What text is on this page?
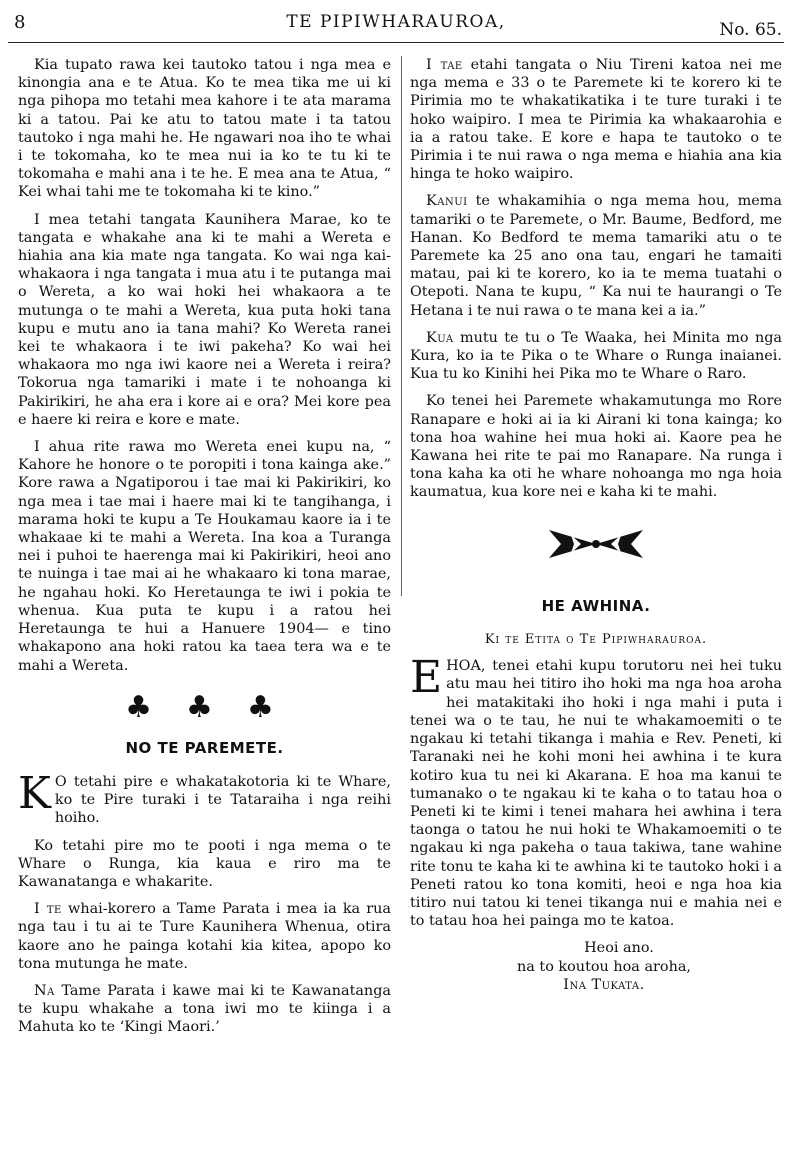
8	TE PIPIWHARAUROA,	No. 65.

Kia tupato rawa kei tautoko tatou i nga mea e kinongia ana e te Atua. Ko te mea tika me ui ki nga pihopa mo tetahi mea kahore i te ata marama ki a tatou. Pai ke atu to tatou mate i ta tatou tautoko i nga mahi he. He ngawari noa iho te whai i te tokomaha, ko te mea nui ia ko te tu ki te tokomaha e mahi ana i te he. E mea ana te Atua, “ Kei whai tahi me te tokomaha ki te kino.”

I mea tetahi tangata Kaunihera Marae, ko te tangata e whakahe ana ki te mahi a Wereta e hiahia ana kia mate nga tangata. Ko wai nga kai-whakaora i nga tangata i mua atu i te putanga mai o Wereta, a ko wai hoki hei whakaora a te mutunga o te mahi a Wereta, kua puta hoki tana kupu e mutu ano ia tana mahi? Ko Wereta ranei kei te whakaora i te iwi pakeha? Ko wai hei whakaora mo nga iwi kaore nei a Wereta i reira? Tokorua nga tamariki i mate i te nohoanga ki Pakirikiri, he aha era i kore ai e ora? Mei kore pea e haere ki reira e kore e mate.

I ahua rite rawa mo Wereta enei kupu na, “ Kahore he honore o te poropiti i tona kainga ake.” Kore rawa a Ngatiporou i tae mai ki Pakirikiri, ko nga mea i tae mai i haere mai ki te tangihanga, i marama hoki te kupu a Te Houkamau kaore ia i te whakaae ki te mahi a Wereta. Ina koa a Turanga nei i puhoi te haerenga mai ki Pakirikiri, heoi ano te nuinga i tae mai ai he whakaaro ki tona marae, he ngahau hoki. Ko Heretaunga te iwi i pokia te whenua. Kua puta te kupu i a ratou hei Heretaunga te hui a Hanuere 1904— e tino whakapono ana hoki ratou ka taea tera wa e te mahi a Wereta.

♣♣♣
NO TE PAREMETE.

K O tetahi pire e whakatakotoria ki te Whare, ko te Pire turaki i te Tataraiha i nga reihi hoiho.

Ko tetahi pire mo te pooti i nga mema o te Whare o Runga, kia kaua e riro ma te Kawanatanga e whakarite.

I te whai-korero a Tame Parata i mea ia ka rua nga tau i tu ai te Ture Kaunihera Whenua, otira kaore ano he painga kotahi kia kitea, apopo ko tona mutunga he mate.

Na Tame Parata i kawe mai ki te Kawanatanga te kupu whakahe a tona iwi mo te kiinga i a Mahuta ko te ‘Kingi Maori.’

I tae etahi tangata o Niu Tireni katoa nei me nga mema e 33 o te Paremete ki te korero ki te Pirimia mo te whakatikatika i te ture turaki i te hoko waipiro. I mea te Pirimia ka whakaarohia e ia a ratou take. E kore e hapa te tautoko o te Pirimia i te nui rawa o nga mema e hiahia ana kia hinga te hoko waipiro.

Kanui te whakamihia o nga mema hou, mema tamariki o te Paremete, o Mr. Baume, Bedford, me Hanan. Ko Bedford te mema tamariki atu o te Paremete ka 25 ano ona tau, engari he tamaiti matau, pai ki te korero, ko ia te mema tuatahi o Otepoti. Nana te kupu, “ Ka nui te haurangi o Te Hetana i te nui rawa o te mana kei a ia.”

Kua mutu te tu o Te Waaka, hei Minita mo nga Kura, ko ia te Pika o te Whare o Runga inaianei. Kua tu ko Kinihi hei Pika mo te Whare o Raro.

Ko tenei hei Paremete whakamutunga mo Rore Ranapare e hoki ai ia ki Airani ki tona kainga; ko tona hoa wahine hei mua hoki ai. Kaore pea he Kawana hei rite te pai mo Ranapare. Na runga i tona kaha ka oti he whare nohoanga mo nga hoia kaumatua, kua kore nei e kaha ki te mahi.

HE AWHINA.
Ki te Etita o Te Pipiwharauroa.

EHOA, tenei etahi kupu torutoru nei hei tuku atu mau hei titiro iho hoki ma nga hoa aroha hei matakitaki iho hoki i nga mahi i puta i tenei wa o te tau, he nui te whakamoemiti o te ngakau ki tetahi tikanga i mahia e Rev. Peneti, ki Taranaki nei he kohi moni hei awhina i te kura kotiro kua tu nei ki Akarana. E hoa ma kanui te tumanako o te ngakau ki te kaha o to tatau hoa o Peneti ki te kimi i tenei mahara hei awhina i tera taonga o tatou he nui hoki te Whakamoemiti o te ngakau ki nga pakeha o taua takiwa, tane wahine rite tonu te kaha ki te awhina ki te tautoko hoki i a Peneti ratou ko tona komiti, heoi e nga hoa kia titiro nui tatou ki tenei tikanga nui e mahia nei e to tatau hoa hei painga mo te katoa.

Heoi ano.

na to koutou hoa aroha,

Ina Tukata.
